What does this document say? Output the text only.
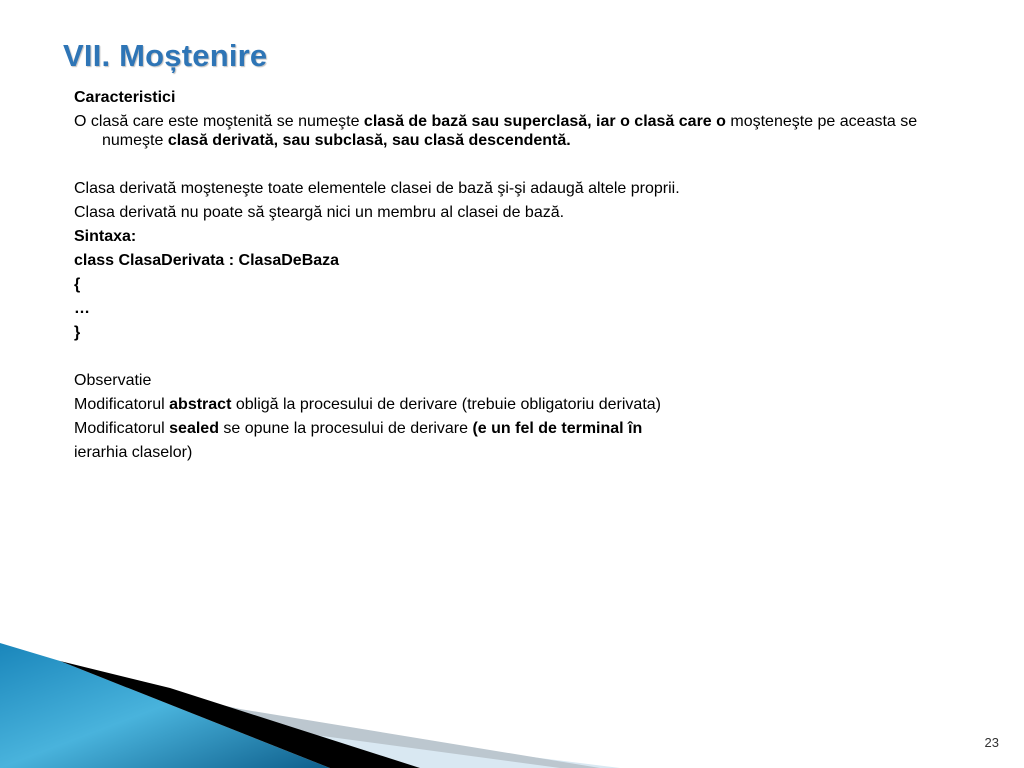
VII. Moștenire
Caracteristici
O clasă care este moştenită se numeşte clasă de bază sau superclasă, iar o clasă care o moşteneşte pe aceasta se numeşte clasă derivată, sau subclasă, sau clasă descendentă.
Clasa derivată moşteneşte toate elementele clasei de bază şi-şi adaugă altele proprii.
Clasa derivată nu poate să şteargă nici un membru al clasei de bază.
Sintaxa:
class ClasaDerivata : ClasaDeBaza
{
…
}
Observatie
Modificatorul abstract obligă la procesului de derivare (trebuie obligatoriu derivata)
Modificatorul sealed se opune la procesului de derivare (e un fel de terminal în
ierarhia claselor)
23
